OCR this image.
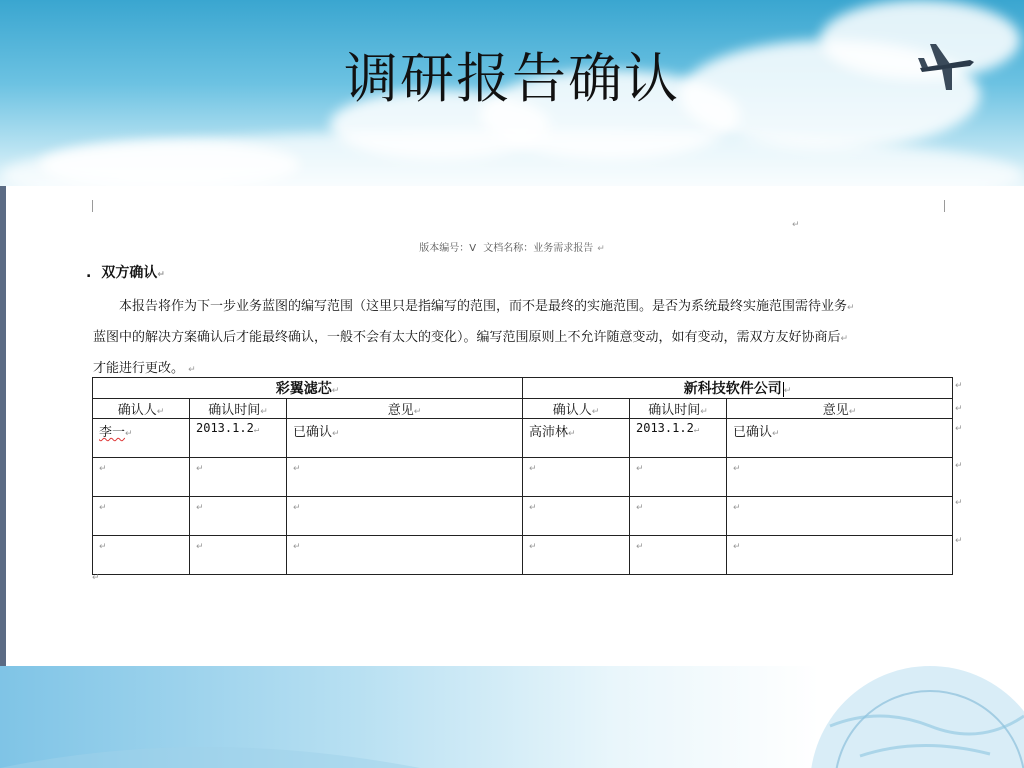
调研报告确认
↵
版本编号：V 文档名称：业务需求报告 ↵
. 双方确认↵
本报告将作为下一步业务蓝图的编写范围（这里只是指编写的范围，而不是最终的实施范围。是否为系统最终实施范围需待业务↵
蓝图中的解决方案确认后才能最终确认，一般不会有太大的变化）。编写范围原则上不允许随意变动，如有变动，需双方友好协商后↵
才能进行更改。 ↵
彩翼滤芯↵			新科技软件公司 ↵		
确认人↵	确认时间↵	意见↵	确认人↵	确认时间↵	意见↵
李一↵	2013.1.2↵	已确认↵	高沛林↵	2013.1.2↵	已确认↵
↵	↵	↵	↵	↵	↵
↵	↵	↵	↵	↵	↵
↵	↵	↵	↵	↵	↵
↵
↵
↵
↵
↵
↵
↵
